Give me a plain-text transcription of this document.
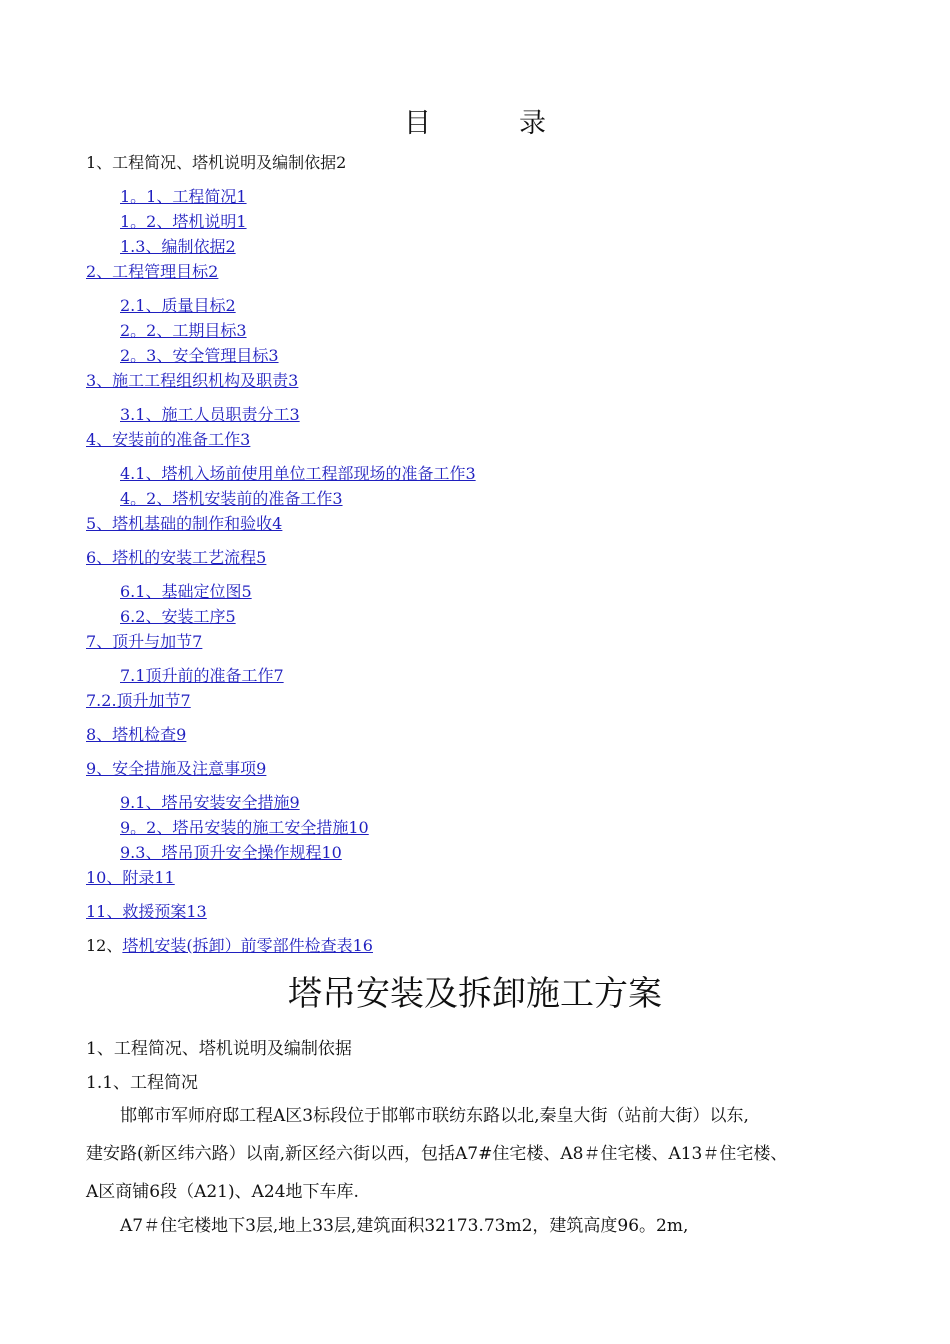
目	录
1、工程简况、塔机说明及编制依据2
1。1、工程简况1
1。2、塔机说明1
1.3、编制依据2
2、工程管理目标2
2.1、质量目标2
2。2、工期目标3
2。3、安全管理目标3
3、施工工程组织机构及职责3
3.1、施工人员职责分工3
4、安装前的准备工作3
4.1、塔机入场前使用单位工程部现场的准备工作3
4。2、塔机安装前的准备工作3
5、塔机基础的制作和验收4
6、塔机的安装工艺流程5
6.1、基础定位图5
6.2、安装工序5
7、顶升与加节7
7.1顶升前的准备工作7
7.2.顶升加节7
8、塔机检查9
9、安全措施及注意事项9
9.1、塔吊安装安全措施9
9。2、塔吊安装的施工安全措施10
9.3、塔吊顶升安全操作规程10
10、附录11
11、救援预案13
12、塔机安装(拆卸）前零部件检查表16
塔吊安装及拆卸施工方案
1、工程简况、塔机说明及编制依据
1.1、工程简况
邯郸市军师府邸工程A区3标段位于邯郸市联纺东路以北,秦皇大街（站前大街）以东,
建安路(新区纬六路）以南,新区经六街以西，包括A7#住宅楼、A8＃住宅楼、A13＃住宅楼、
A区商铺6段（A21)、A24地下车库.
A7＃住宅楼地下3层,地上33层,建筑面积32173.73m2，建筑高度96。2m,
